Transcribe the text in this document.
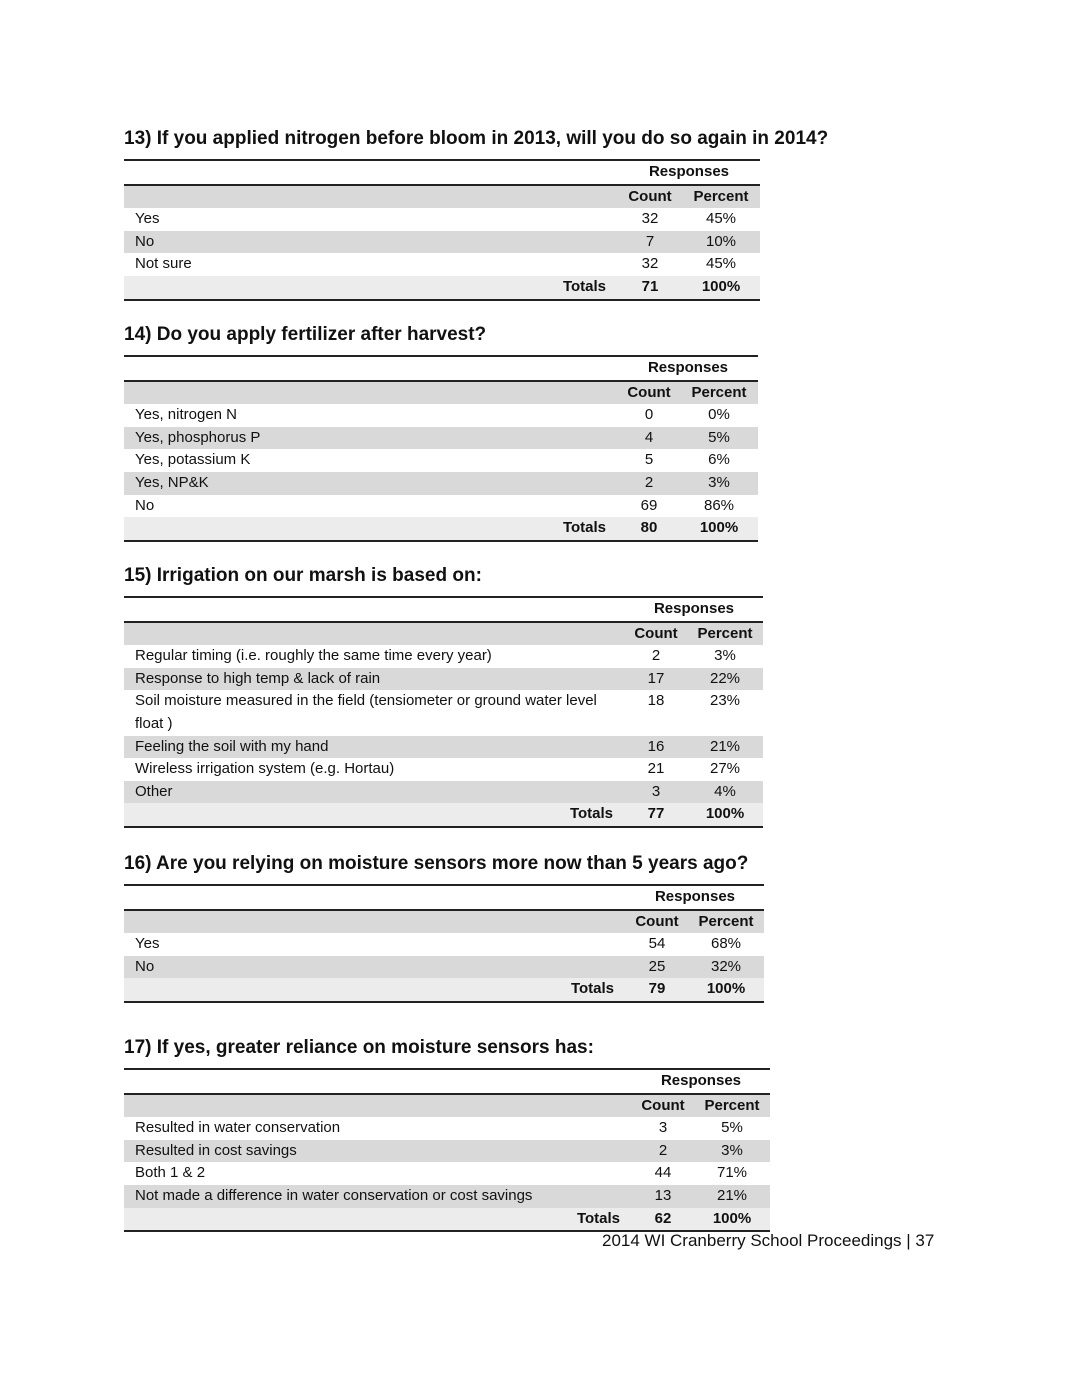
13) If you applied nitrogen before bloom in 2013, will you do so again in 2014?
	Responses	
	Count	Percent
Yes	32	45%
No	7	10%
Not sure	32	45%
Totals	71	100%
14) Do you apply fertilizer after harvest?
	Responses	
	Count	Percent
Yes, nitrogen N	0	0%
Yes, phosphorus P	4	5%
Yes, potassium K	5	6%
Yes, NP&K	2	3%
No	69	86%
Totals	80	100%
15) Irrigation on our marsh is based on:
	Responses	
	Count	Percent
Regular timing (i.e. roughly the same time every year)	2	3%
Response to high temp & lack of rain	17	22%
Soil moisture measured in the field (tensiometer or ground water level float )	18	23%
Feeling the soil with my hand	16	21%
Wireless irrigation system (e.g. Hortau)	21	27%
Other	3	4%
Totals	77	100%
16) Are you relying on moisture sensors more now than 5 years ago?
	Responses	
	Count	Percent
Yes	54	68%
No	25	32%
Totals	79	100%
17) If yes, greater reliance on moisture sensors has:
	Responses	
	Count	Percent
Resulted in water conservation	3	5%
Resulted in cost savings	2	3%
Both 1 & 2	44	71%
Not made a difference in water conservation or cost savings	13	21%
Totals	62	100%
2014 WI Cranberry School Proceedings | 37
